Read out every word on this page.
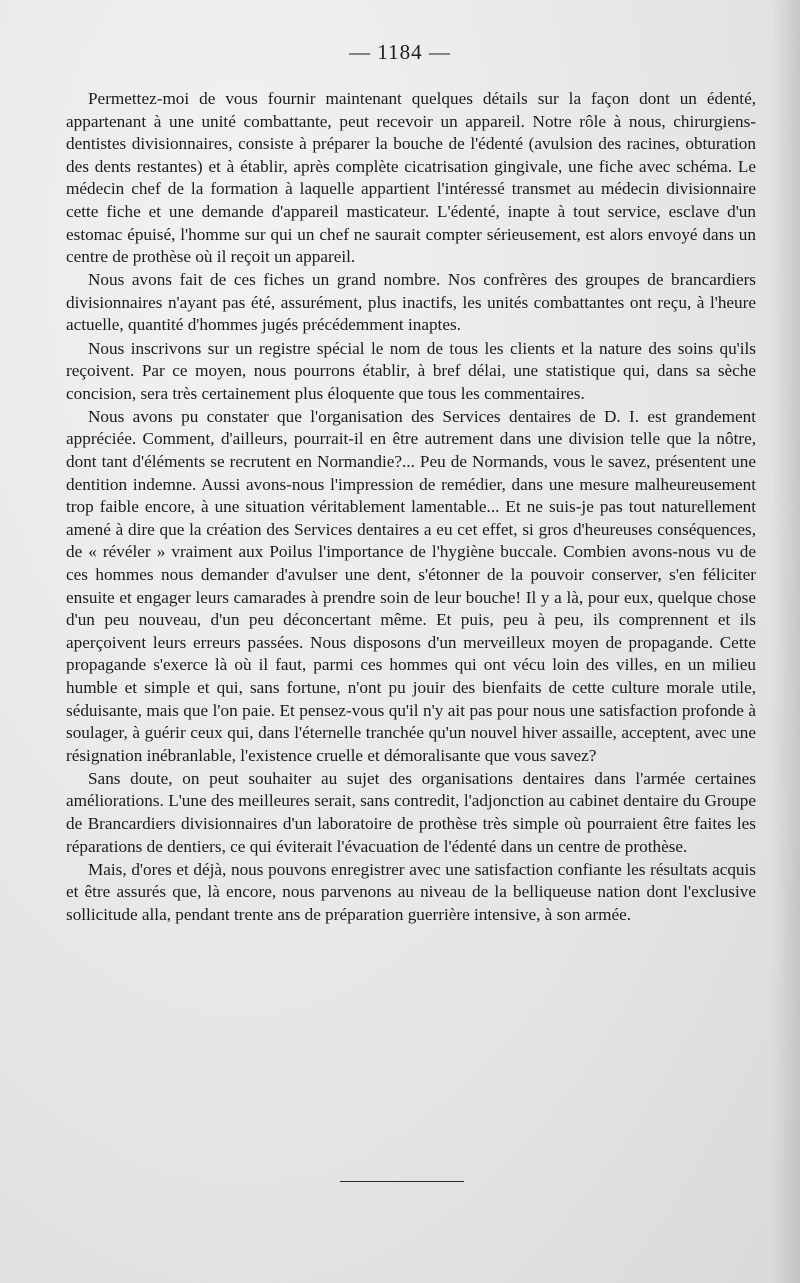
— 1184 —

Permettez-moi de vous fournir maintenant quelques détails sur la façon dont un édenté, appartenant à une unité combattante, peut recevoir un appareil. Notre rôle à nous, chirurgiens-dentistes divisionnaires, consiste à préparer la bouche de l'édenté (avulsion des racines, obturation des dents restantes) et à établir, après complète cicatrisation gingivale, une fiche avec schéma. Le médecin chef de la formation à laquelle appartient l'intéressé transmet au médecin divisionnaire cette fiche et une demande d'appareil masticateur. L'édenté, inapte à tout service, esclave d'un estomac épuisé, l'homme sur qui un chef ne saurait compter sérieusement, est alors envoyé dans un centre de prothèse où il reçoit un appareil.

Nous avons fait de ces fiches un grand nombre. Nos confrères des groupes de brancardiers divisionnaires n'ayant pas été, assurément, plus inactifs, les unités combattantes ont reçu, à l'heure actuelle, quantité d'hommes jugés précédemment inaptes.

Nous inscrivons sur un registre spécial le nom de tous les clients et la nature des soins qu'ils reçoivent. Par ce moyen, nous pourrons établir, à bref délai, une statistique qui, dans sa sèche concision, sera très certainement plus éloquente que tous les commentaires.

Nous avons pu constater que l'organisation des Services dentaires de D. I. est grandement appréciée. Comment, d'ailleurs, pourrait-il en être autrement dans une division telle que la nôtre, dont tant d'éléments se recrutent en Normandie?... Peu de Normands, vous le savez, présentent une dentition indemne. Aussi avons-nous l'impression de remédier, dans une mesure malheureusement trop faible encore, à une situation véritablement lamentable... Et ne suis-je pas tout naturellement amené à dire que la création des Services dentaires a eu cet effet, si gros d'heureuses conséquences, de « révéler » vraiment aux Poilus l'importance de l'hygiène buccale. Combien avons-nous vu de ces hommes nous demander d'avulser une dent, s'étonner de la pouvoir conserver, s'en féliciter ensuite et engager leurs camarades à prendre soin de leur bouche! Il y a là, pour eux, quelque chose d'un peu nouveau, d'un peu déconcertant même. Et puis, peu à peu, ils comprennent et ils aperçoivent leurs erreurs passées. Nous disposons d'un merveilleux moyen de propagande. Cette propagande s'exerce là où il faut, parmi ces hommes qui ont vécu loin des villes, en un milieu humble et simple et qui, sans fortune, n'ont pu jouir des bienfaits de cette culture morale utile, séduisante, mais que l'on paie. Et pensez-vous qu'il n'y ait pas pour nous une satisfaction profonde à soulager, à guérir ceux qui, dans l'éternelle tranchée qu'un nouvel hiver assaille, acceptent, avec une résignation inébranlable, l'existence cruelle et démoralisante que vous savez?

Sans doute, on peut souhaiter au sujet des organisations dentaires dans l'armée certaines améliorations. L'une des meilleures serait, sans contredit, l'adjonction au cabinet dentaire du Groupe de Brancardiers divisionnaires d'un laboratoire de prothèse très simple où pourraient être faites les réparations de dentiers, ce qui éviterait l'évacuation de l'édenté dans un centre de prothèse.

Mais, d'ores et déjà, nous pouvons enregistrer avec une satisfaction confiante les résultats acquis et être assurés que, là encore, nous parvenons au niveau de la belliqueuse nation dont l'exclusive sollicitude alla, pendant trente ans de préparation guerrière intensive, à son armée.
